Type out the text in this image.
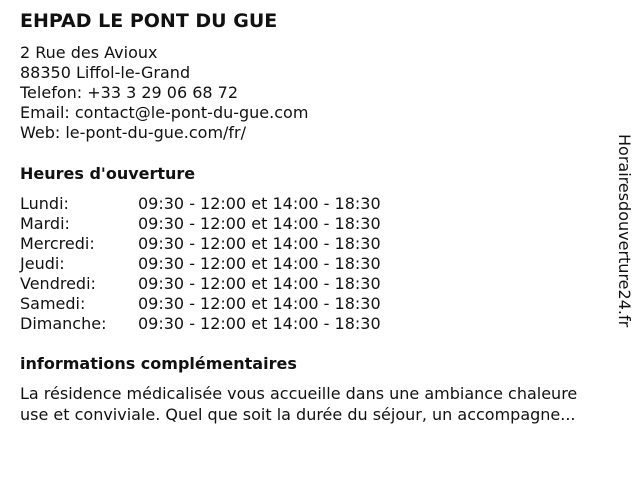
EHPAD LE PONT DU GUE
2 Rue des Avioux
88350 Liffol-le-Grand
Telefon: +33 3 29 06 68 72
Email: contact@le-pont-du-gue.com
Web: le-pont-du-gue.com/fr/
Heures d'ouverture
Lundi:	09:30 - 12:00 et 14:00 - 18:30
Mardi:	09:30 - 12:00 et 14:00 - 18:30
Mercredi:	09:30 - 12:00 et 14:00 - 18:30
Jeudi:	09:30 - 12:00 et 14:00 - 18:30
Vendredi:	09:30 - 12:00 et 14:00 - 18:30
Samedi:	09:30 - 12:00 et 14:00 - 18:30
Dimanche: 09:30 - 12:00 et 14:00 - 18:30
informations complémentaires
La résidence médicalisée vous accueille dans une ambiance chaleure
use et conviviale. Quel que soit la durée du séjour, un accompagne...
Horairesdouverture24.fr
